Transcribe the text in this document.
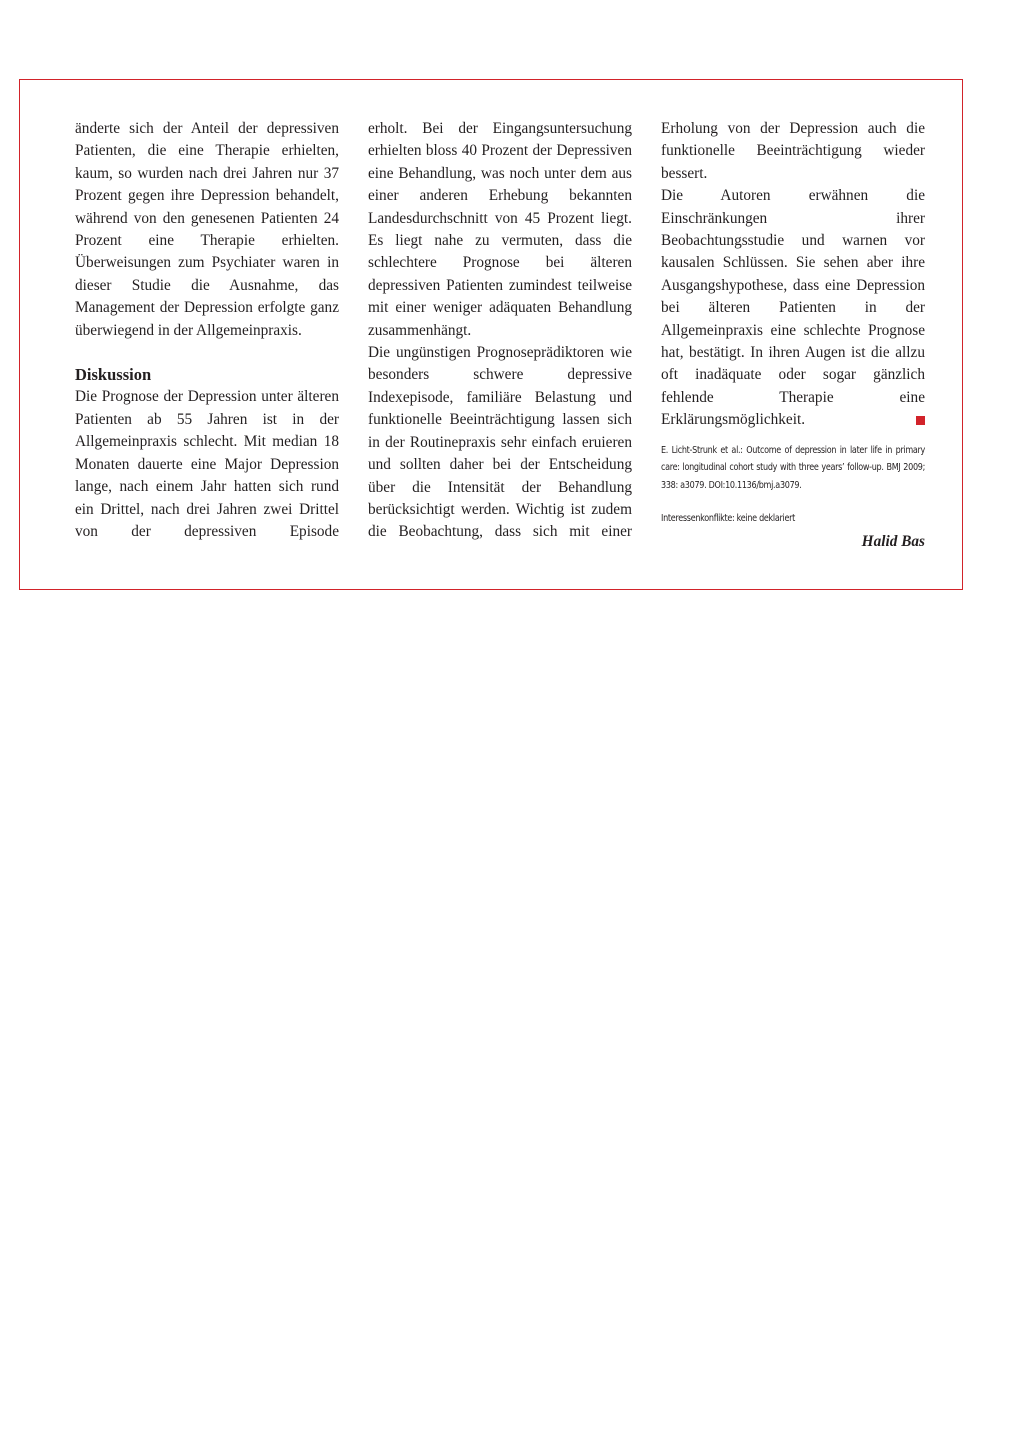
änderte sich der Anteil der depressiven Patienten, die eine Therapie erhielten, kaum, so wurden nach drei Jahren nur 37 Prozent gegen ihre Depression behandelt, während von den genesenen Patienten 24 Prozent eine Therapie erhielten. Überweisungen zum Psychiater waren in dieser Studie die Ausnahme, das Management der Depression erfolgte ganz überwiegend in der Allgemeinpraxis.

Diskussion

Die Prognose der Depression unter älteren Patienten ab 55 Jahren ist in der Allgemeinpraxis schlecht. Mit median 18 Monaten dauerte eine Major Depression lange, nach einem Jahr hatten sich rund ein Drittel, nach drei Jahren zwei Drittel von der depressiven Episode

erholt. Bei der Eingangsuntersuchung erhielten bloss 40 Prozent der Depressiven eine Behandlung, was noch unter dem aus einer anderen Erhebung bekannten Landesdurchschnitt von 45 Prozent liegt. Es liegt nahe zu vermuten, dass die schlechtere Prognose bei älteren depressiven Patienten zumindest teilweise mit einer weniger adäquaten Behandlung zusammenhängt.

Die ungünstigen Prognoseprädiktoren wie besonders schwere depressive Indexepisode, familiäre Belastung und funktionelle Beeinträchtigung lassen sich in der Routinepraxis sehr einfach eruieren und sollten daher bei der Entscheidung über die Intensität der Behandlung berücksichtigt werden. Wichtig ist zudem die Beobachtung, dass sich mit einer

Erholung von der Depression auch die funktionelle Beeinträchtigung wieder bessert.

Die Autoren erwähnen die Einschränkungen ihrer Beobachtungsstudie und warnen vor kausalen Schlüssen. Sie sehen aber ihre Ausgangshypothese, dass eine Depression bei älteren Patienten in der Allgemeinpraxis eine schlechte Prognose hat, bestätigt. In ihren Augen ist die allzu oft inadäquate oder sogar gänzlich fehlende Therapie eine Erklärungsmöglichkeit.

E. Licht-Strunk et al.: Outcome of depression in later life in primary care: longitudinal cohort study with three years’ follow-up. BMJ 2009; 338: a3079. DOI:10.1136/bmj.a3079.
Interessenkonflikte: keine deklariert
Halid Bas
